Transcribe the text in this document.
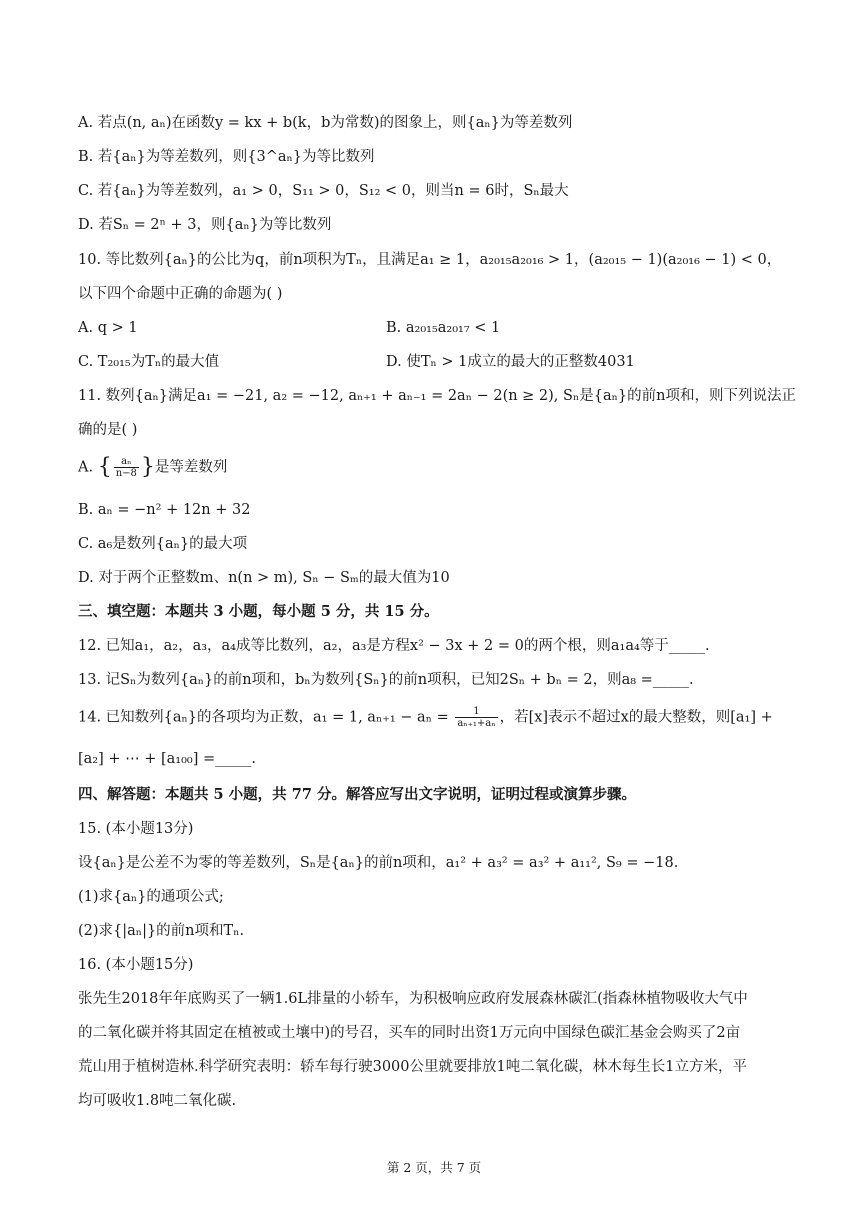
A. 若点(n, aₙ)在函数y = kx + b(k，b为常数)的图象上，则{aₙ}为等差数列
B. 若{aₙ}为等差数列，则{3^aₙ}为等比数列
C. 若{aₙ}为等差数列，a₁ > 0，S₁₁ > 0，S₁₂ < 0，则当n = 6时，Sₙ最大
D. 若Sₙ = 2ⁿ + 3，则{aₙ}为等比数列
10. 等比数列{aₙ}的公比为q，前n项积为Tₙ，且满足a₁ ≥ 1，a₂₀₁₅a₂₀₁₆ > 1，(a₂₀₁₅ − 1)(a₂₀₁₆ − 1) < 0，
以下四个命题中正确的命题为( )
A. q > 1	B. a₂₀₁₅a₂₀₁₇ < 1
C. T₂₀₁₅为Tₙ的最大值	D. 使Tₙ > 1成立的最大的正整数4031
11. 数列{aₙ}满足a₁ = −21, a₂ = −12, aₙ₊₁ + aₙ₋₁ = 2aₙ − 2(n ≥ 2), Sₙ是{aₙ}的前n项和，则下列说法正
确的是( )
A. { $\frac{\text{aₙ}}{n-8}$ }是等差数列
B. aₙ = −n² + 12n + 32
C. a₆是数列{aₙ}的最大项
D. 对于两个正整数m、n(n > m), Sₙ − Sₘ的最大值为10
三、填空题：本题共 3 小题，每小题 5 分，共 15 分。
12. 已知a₁，a₂，a₃，a₄成等比数列，a₂，a₃是方程x² − 3x + 2 = 0的两个根，则a₁a₄等于_____.
13. 记Sₙ为数列{aₙ}的前n项和，bₙ为数列{Sₙ}的前n项积，已知2Sₙ + bₙ = 2，则a₈ =_____.
14. 已知数列{aₙ}的各项均为正数，a₁ = 1, $a_{n+1} - a_n = \frac{1}{\text{aₙ₊₁+aₙ}}$ ，若[x]表示不超过x的最大整数，则[a₁] +
[a₂] + ⋯ + [a₁₀₀] =_____.
四、解答题：本题共 5 小题，共 77 分。解答应写出文字说明，证明过程或演算步骤。
15. (本小题13分)
设{aₙ}是公差不为零的等差数列，Sₙ是{aₙ}的前n项和，a₁² + a₃² = a₃² + a₁₁², S₉ = −18.
(1)求{aₙ}的通项公式;
(2)求{|aₙ|}的前n项和Tₙ.
16. (本小题15分)
张先生2018年年底购买了一辆1.6L排量的小轿车，为积极响应政府发展森林碳汇(指森林植物吸收大气中
的二氧化碳并将其固定在植被或土壤中)的号召，买车的同时出资1万元向中国绿色碳汇基金会购买了2亩
荒山用于植树造林.科学研究表明：轿车每行驶3000公里就要排放1吨二氧化碳，林木每生长1立方米，平
均可吸收1.8吨二氧化碳.
第 2 页，共 7 页
